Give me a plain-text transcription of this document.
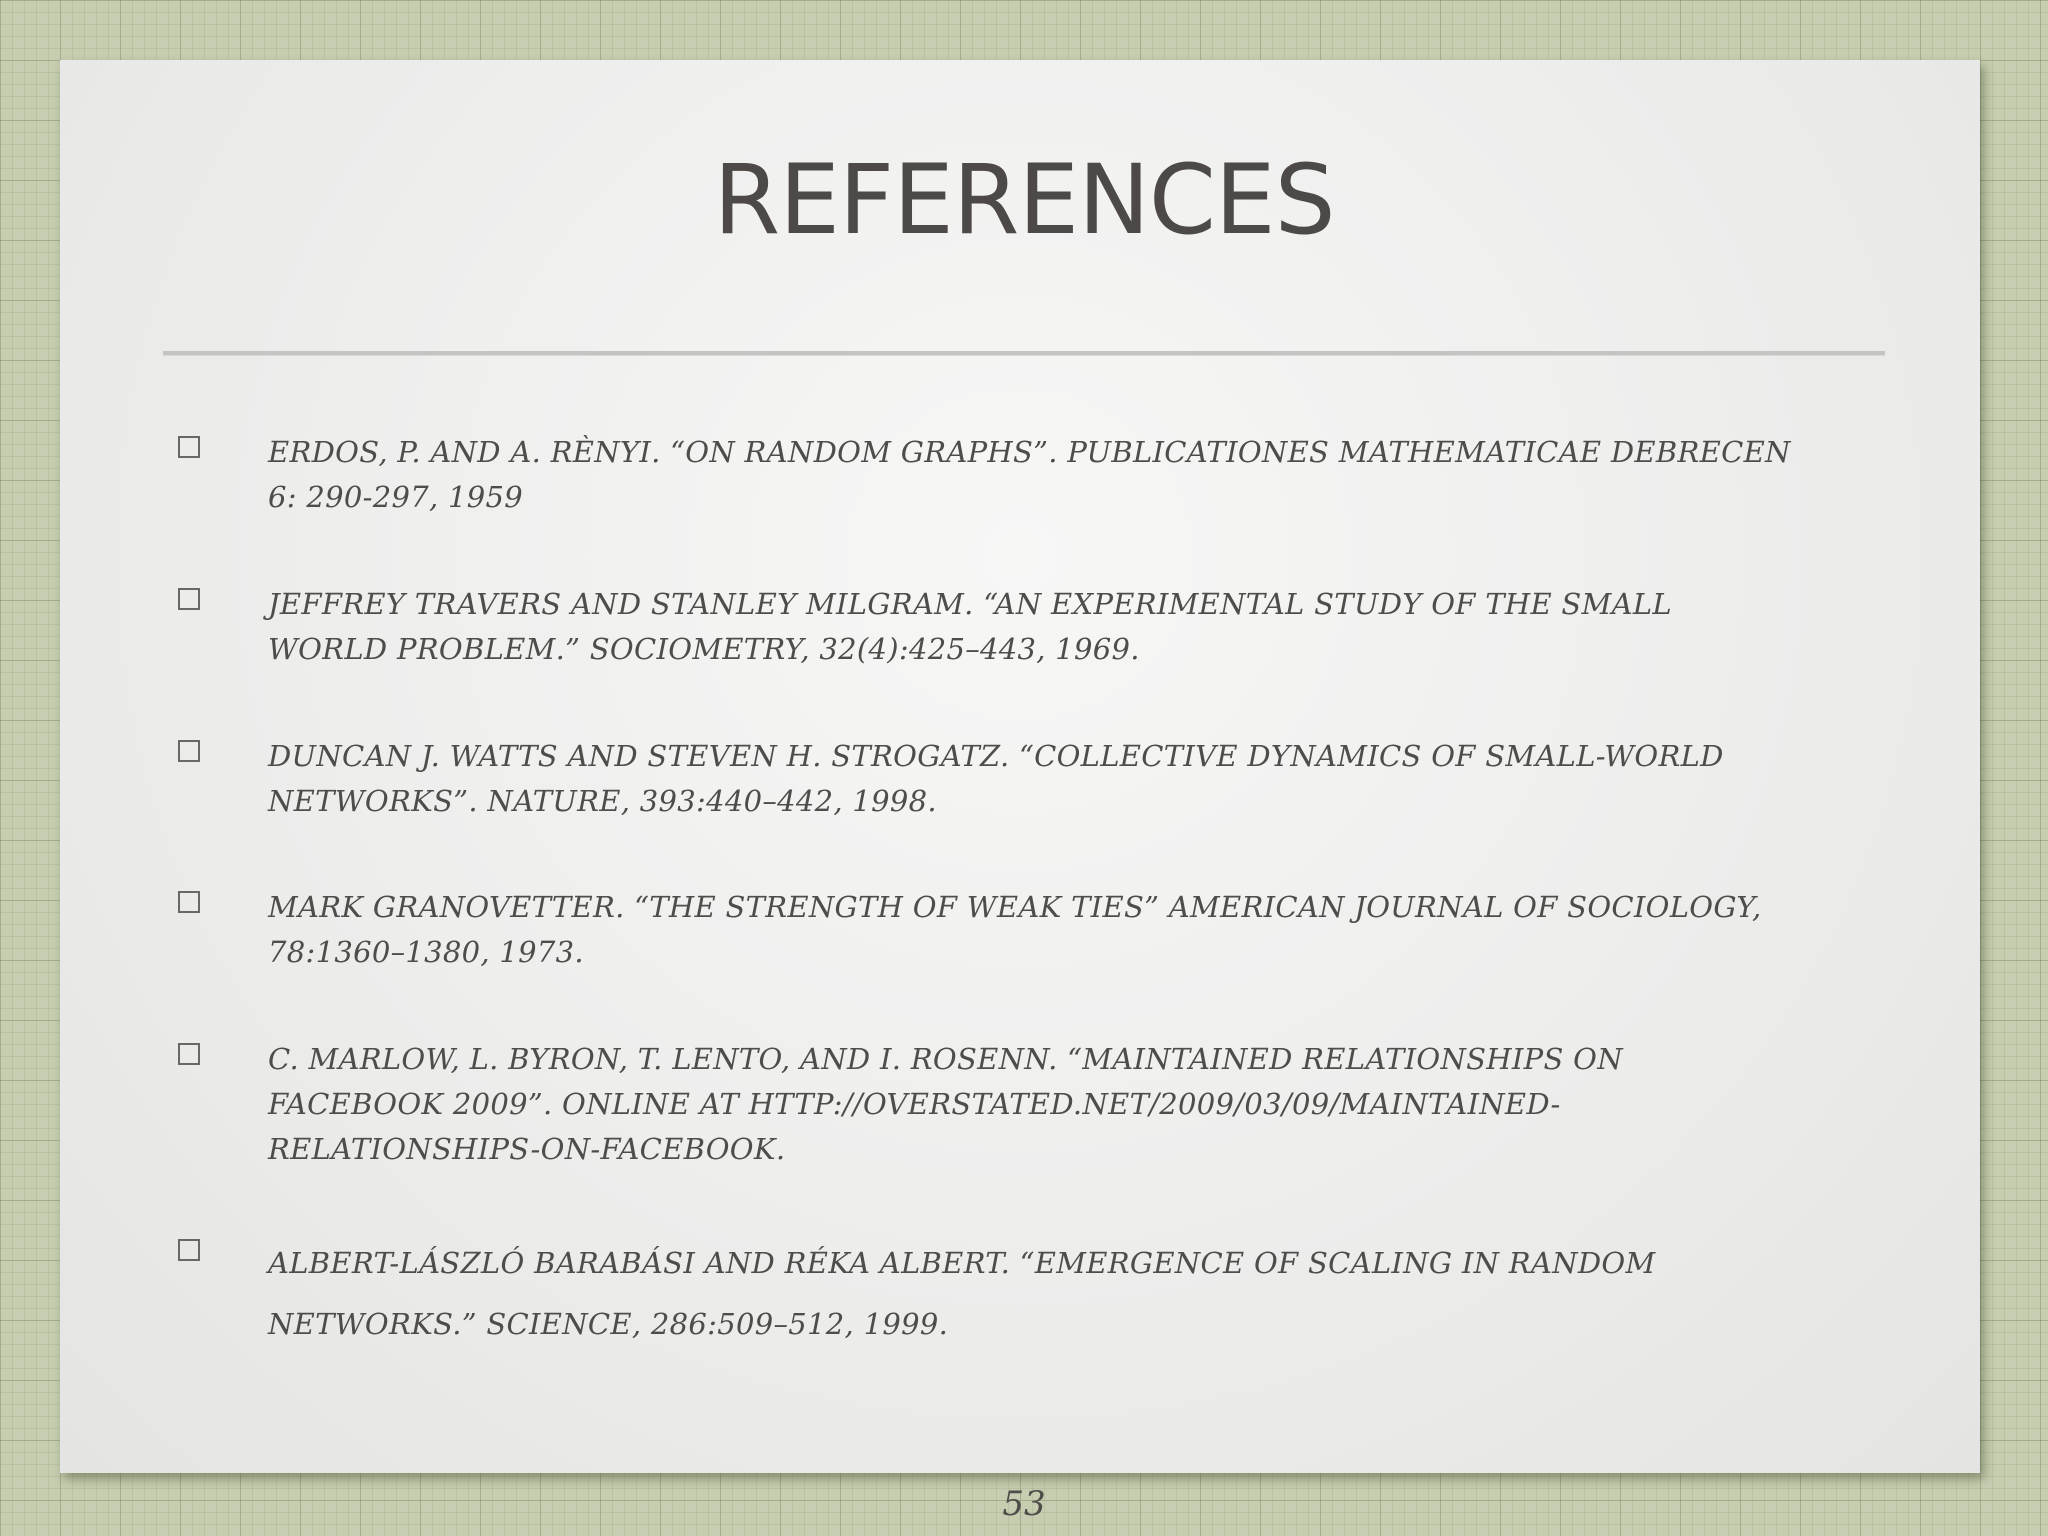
REFERENCES
ERDOS, P. AND A. RÈNYI. “ON RANDOM GRAPHS”. PUBLICATIONES MATHEMATICAE DEBRECEN 6: 290-297, 1959
JEFFREY TRAVERS AND STANLEY MILGRAM. “AN EXPERIMENTAL STUDY OF THE SMALL WORLD PROBLEM.” SOCIOMETRY, 32(4):425–443, 1969.
DUNCAN J. WATTS AND STEVEN H. STROGATZ. “COLLECTIVE DYNAMICS OF SMALL-WORLD NETWORKS”. NATURE, 393:440–442, 1998.
MARK GRANOVETTER. “THE STRENGTH OF WEAK TIES” AMERICAN JOURNAL OF SOCIOLOGY, 78:1360–1380, 1973.
C. MARLOW, L. BYRON, T. LENTO, AND I. ROSENN. “MAINTAINED RELATIONSHIPS ON FACEBOOK 2009”. ONLINE AT HTTP://OVERSTATED.NET/2009/03/09/MAINTAINED-RELATIONSHIPS-ON-FACEBOOK.
ALBERT-LÁSZLÓ BARABÁSI AND RÉKA ALBERT. “EMERGENCE OF SCALING IN RANDOM NETWORKS.” SCIENCE, 286:509–512, 1999.
53
